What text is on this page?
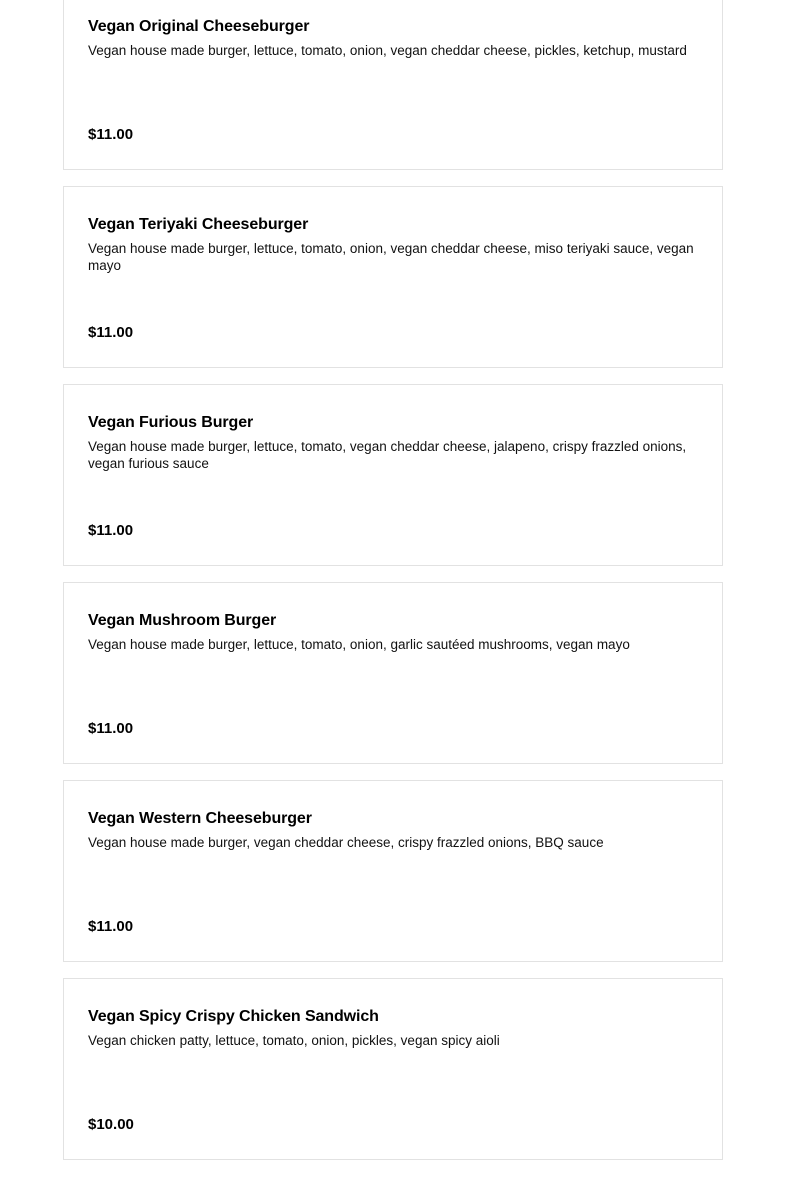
Vegan Original Cheeseburger
Vegan house made burger, lettuce, tomato, onion, vegan cheddar cheese, pickles, ketchup, mustard
$11.00
Vegan Teriyaki Cheeseburger
Vegan house made burger, lettuce, tomato, onion, vegan cheddar cheese, miso teriyaki sauce, vegan mayo
$11.00
Vegan Furious Burger
Vegan house made burger, lettuce, tomato, vegan cheddar cheese, jalapeno, crispy frazzled onions, vegan furious sauce
$11.00
Vegan Mushroom Burger
Vegan house made burger, lettuce, tomato, onion, garlic sautéed mushrooms, vegan mayo
$11.00
Vegan Western Cheeseburger
Vegan house made burger, vegan cheddar cheese, crispy frazzled onions, BBQ sauce
$11.00
Vegan Spicy Crispy Chicken Sandwich
Vegan chicken patty, lettuce, tomato, onion, pickles, vegan spicy aioli
$10.00
